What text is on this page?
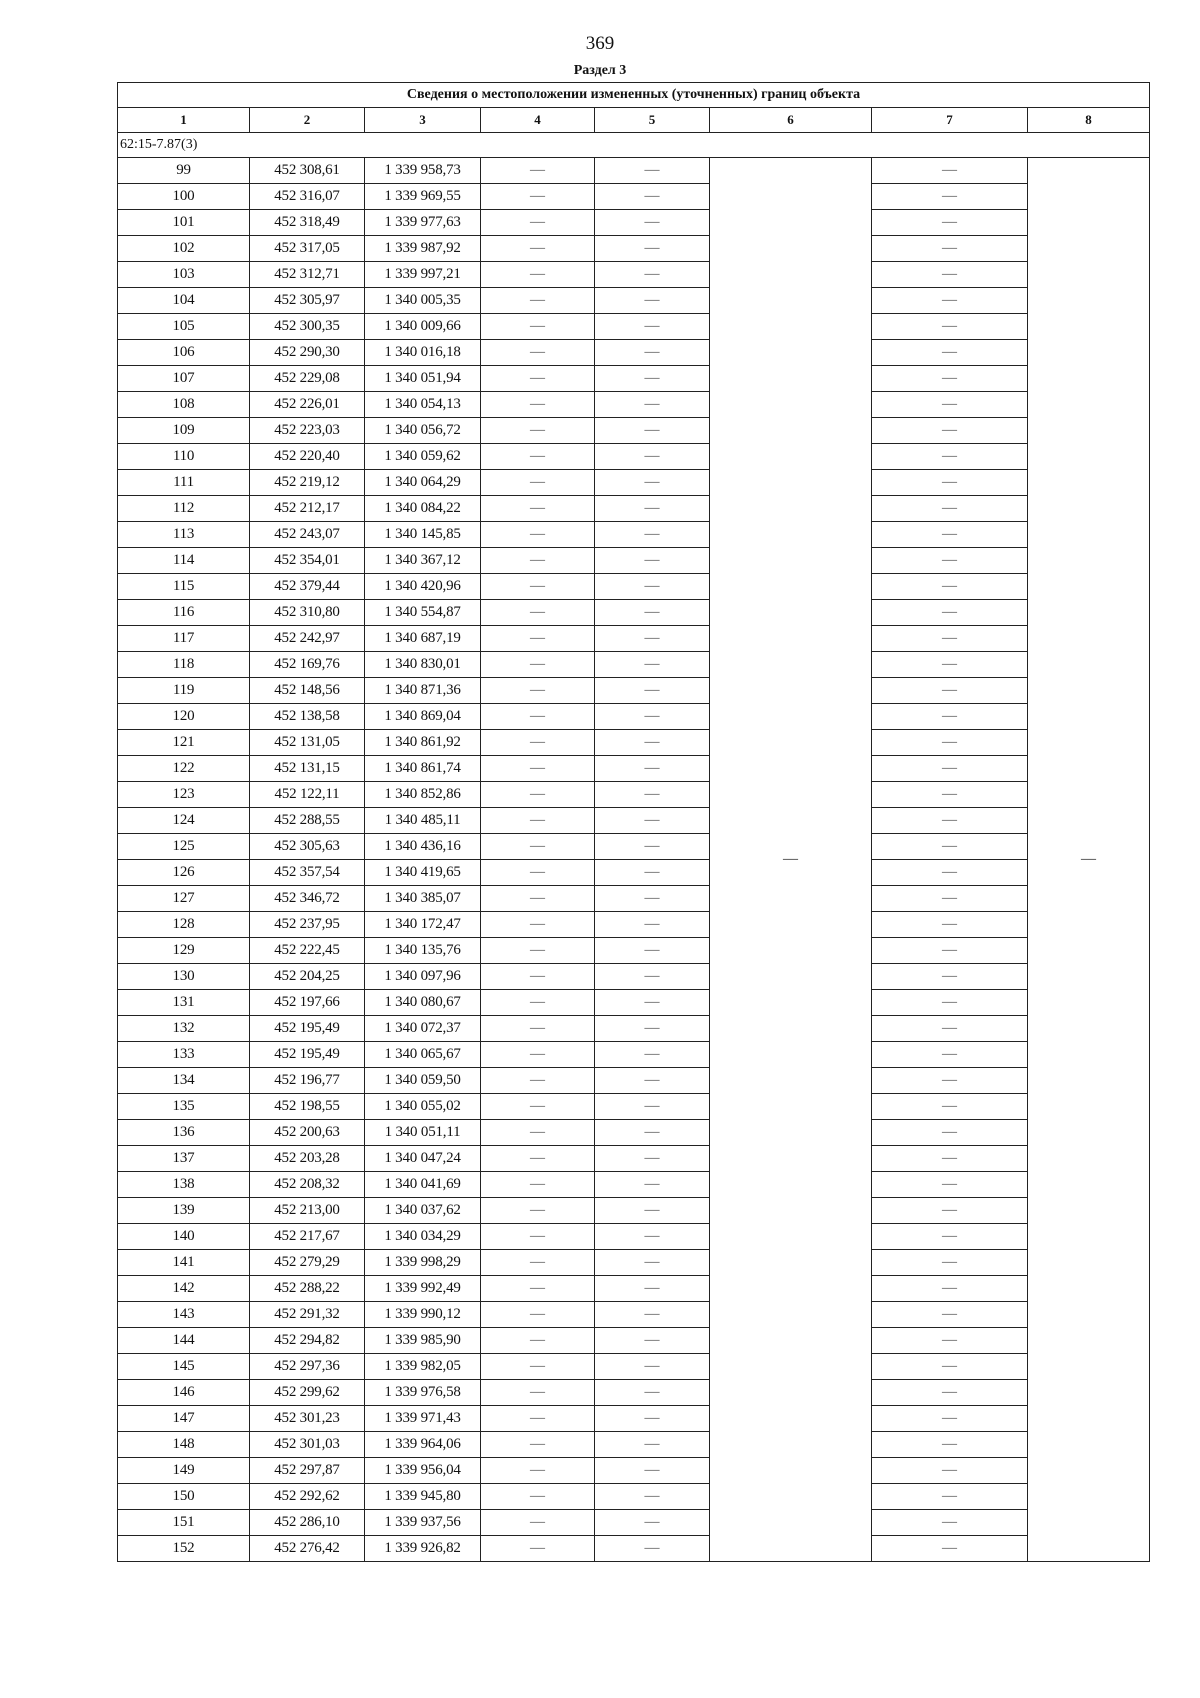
369
Раздел 3
Сведения о местоположении измененных (уточненных) границ объекта							
1	2	3	4	5	6	7	8
62:15-7.87(3)							
99	452 308,61	1 339 958,73	—	—	—	—	—
100	452 316,07	1 339 969,55	—	—		—	
101	452 318,49	1 339 977,63	—	—		—	
102	452 317,05	1 339 987,92	—	—		—	
103	452 312,71	1 339 997,21	—	—		—	
104	452 305,97	1 340 005,35	—	—		—	
105	452 300,35	1 340 009,66	—	—		—	
106	452 290,30	1 340 016,18	—	—		—	
107	452 229,08	1 340 051,94	—	—		—	
108	452 226,01	1 340 054,13	—	—		—	
109	452 223,03	1 340 056,72	—	—		—	
110	452 220,40	1 340 059,62	—	—		—	
111	452 219,12	1 340 064,29	—	—		—	
112	452 212,17	1 340 084,22	—	—		—	
113	452 243,07	1 340 145,85	—	—		—	
114	452 354,01	1 340 367,12	—	—		—	
115	452 379,44	1 340 420,96	—	—		—	
116	452 310,80	1 340 554,87	—	—		—	
117	452 242,97	1 340 687,19	—	—		—	
118	452 169,76	1 340 830,01	—	—		—	
119	452 148,56	1 340 871,36	—	—		—	
120	452 138,58	1 340 869,04	—	—		—	
121	452 131,05	1 340 861,92	—	—		—	
122	452 131,15	1 340 861,74	—	—		—	
123	452 122,11	1 340 852,86	—	—		—	
124	452 288,55	1 340 485,11	—	—		—	
125	452 305,63	1 340 436,16	—	—		—	
126	452 357,54	1 340 419,65	—	—		—	
127	452 346,72	1 340 385,07	—	—		—	
128	452 237,95	1 340 172,47	—	—		—	
129	452 222,45	1 340 135,76	—	—		—	
130	452 204,25	1 340 097,96	—	—		—	
131	452 197,66	1 340 080,67	—	—		—	
132	452 195,49	1 340 072,37	—	—		—	
133	452 195,49	1 340 065,67	—	—		—	
134	452 196,77	1 340 059,50	—	—		—	
135	452 198,55	1 340 055,02	—	—		—	
136	452 200,63	1 340 051,11	—	—		—	
137	452 203,28	1 340 047,24	—	—		—	
138	452 208,32	1 340 041,69	—	—		—	
139	452 213,00	1 340 037,62	—	—		—	
140	452 217,67	1 340 034,29	—	—		—	
141	452 279,29	1 339 998,29	—	—		—	
142	452 288,22	1 339 992,49	—	—		—	
143	452 291,32	1 339 990,12	—	—		—	
144	452 294,82	1 339 985,90	—	—		—	
145	452 297,36	1 339 982,05	—	—		—	
146	452 299,62	1 339 976,58	—	—		—	
147	452 301,23	1 339 971,43	—	—		—	
148	452 301,03	1 339 964,06	—	—		—	
149	452 297,87	1 339 956,04	—	—		—	
150	452 292,62	1 339 945,80	—	—		—	
151	452 286,10	1 339 937,56	—	—		—	
152	452 276,42	1 339 926,82	—	—		—	
